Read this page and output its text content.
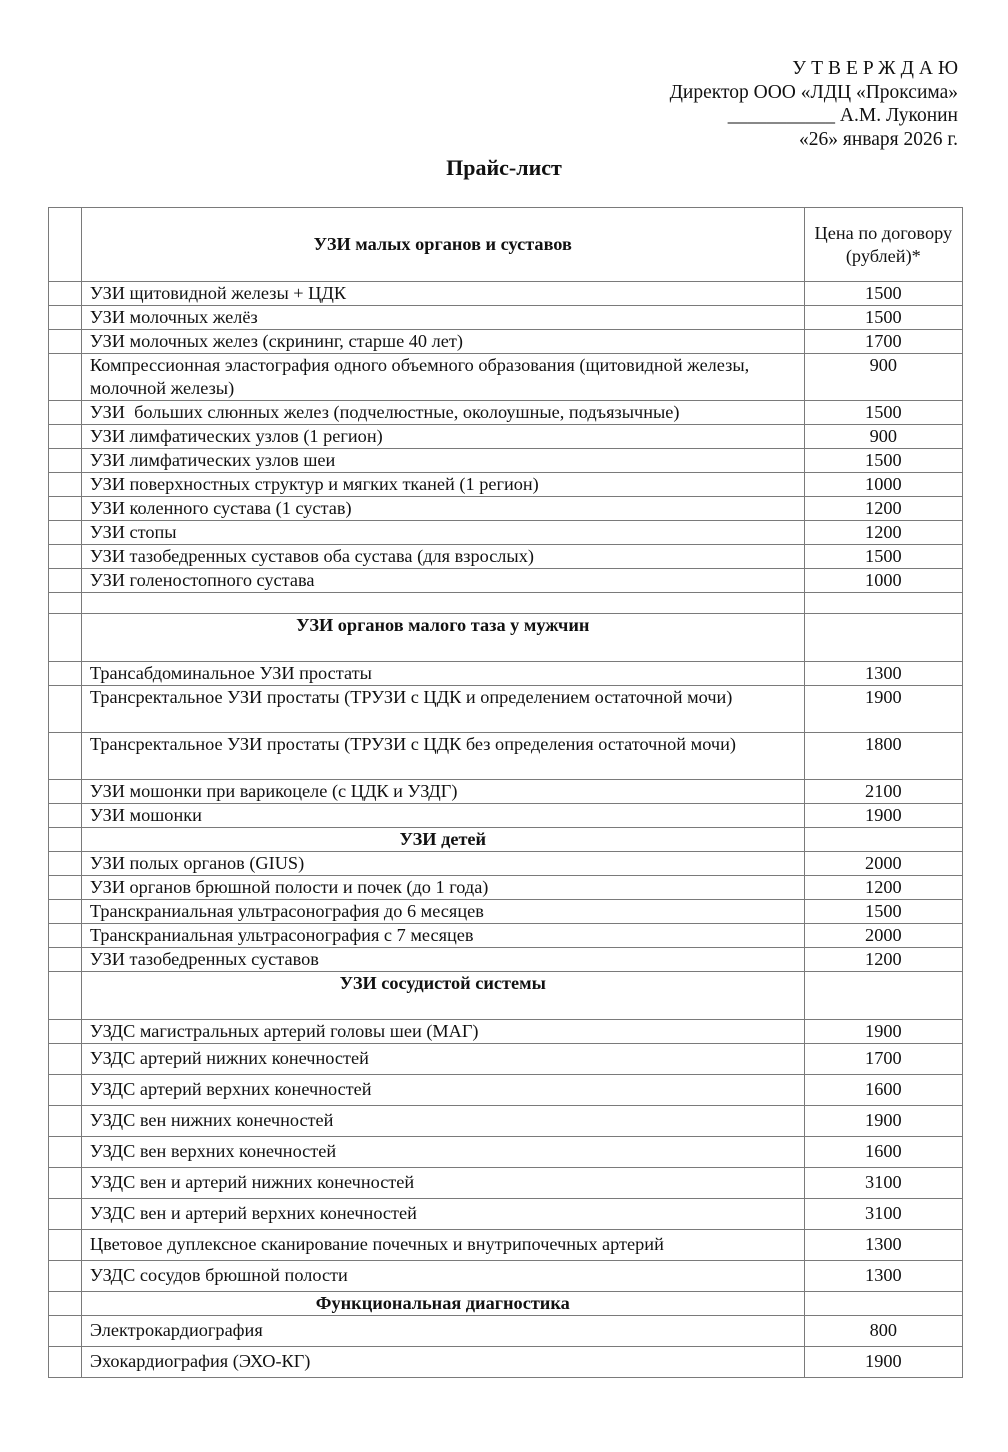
УТВЕРЖДАЮ
Директор ООО «ЛДЦ «Проксима»
___________ А.М. Луконин
«26» января 2026 г.
Прайс-лист
	УЗИ малых органов и суставов	Цена по договору (рублей)*
	УЗИ щитовидной железы + ЦДК	1500
	УЗИ молочных желёз	1500
	УЗИ молочных желез (скрининг, старше 40 лет)	1700
	Компрессионная эластография одного объемного образования (щитовидной железы, молочной железы)	900
	УЗИ  больших слюнных желез (подчелюстные, околоушные, подъязычные)	1500
	УЗИ лимфатических узлов (1 регион)	900
	УЗИ лимфатических узлов шеи	1500
	УЗИ поверхностных структур и мягких тканей (1 регион)	1000
	УЗИ коленного сустава (1 сустав)	1200
	УЗИ стопы	1200
	УЗИ тазобедренных суставов оба сустава (для взрослых)	1500
	УЗИ голеностопного сустава	1000

	УЗИ органов малого таза у мужчин	
	Трансабдоминальное УЗИ простаты	1300
	Трансректальное УЗИ простаты (ТРУЗИ с ЦДК и определением остаточной мочи)	1900
	Трансректальное УЗИ простаты (ТРУЗИ с ЦДК без определения остаточной мочи)	1800
	УЗИ мошонки при варикоцеле (с ЦДК и УЗДГ)	2100
	УЗИ мошонки	1900
	УЗИ детей	
	УЗИ полых органов (GIUS)	2000
	УЗИ органов брюшной полости и почек (до 1 года)	1200
	Транскраниальная ультрасонография до 6 месяцев	1500
	Транскраниальная ультрасонография с 7 месяцев	2000
	УЗИ тазобедренных суставов	1200
	УЗИ сосудистой системы	
	УЗДС магистральных артерий головы шеи (МАГ)	1900
	УЗДС артерий нижних конечностей	1700
	УЗДС артерий верхних конечностей	1600
	УЗДС вен нижних конечностей	1900
	УЗДС вен верхних конечностей	1600
	УЗДС вен и артерий нижних конечностей	3100
	УЗДС вен и артерий верхних конечностей	3100
	Цветовое дуплексное сканирование почечных и внутрипочечных артерий	1300
	УЗДС сосудов брюшной полости	1300
	Функциональная диагностика	
	Электрокардиография	800
	Эхокардиография (ЭХО-КГ)	1900
